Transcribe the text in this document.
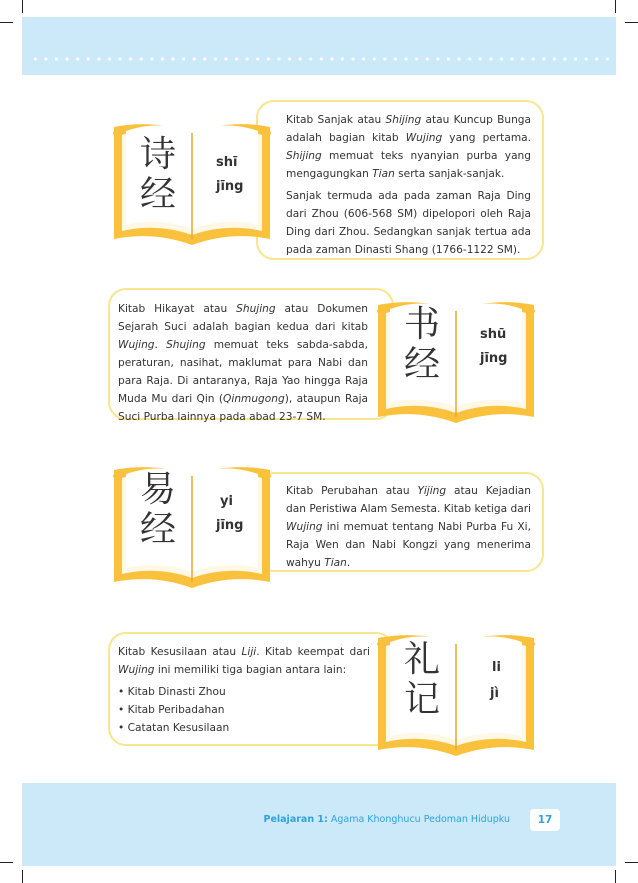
Kitab Sanjak atau Shijing atau Kuncup Bunga adalah bagian kitab Wujing yang pertama. Shijing memuat teks nyanyian purba yang mengagungkan Tian serta sanjak-sanjak.

Sanjak termuda ada pada zaman Raja Ding dari Zhou (606-568 SM) dipelopori oleh Raja Ding dari Zhou. Sedangkan sanjak tertua ada pada zaman Dinasti Shang (1766-1122 SM).

诗
经
shī
jīng

Kitab Hikayat atau Shujing atau Dokumen Sejarah Suci adalah bagian kedua dari kitab Wujing. Shujing memuat teks sabda-sabda, peraturan, nasihat, maklumat para Nabi dan para Raja. Di antaranya, Raja Yao hingga Raja Muda Mu dari Qin (Qinmugong), ataupun Raja Suci Purba lainnya pada abad 23-7 SM.

书
经
shū
jīng

Kitab Perubahan atau Yijing atau Kejadian dan Peristiwa Alam Semesta. Kitab ketiga dari Wujing ini memuat tentang Nabi Purba Fu Xi, Raja Wen dan Nabi Kongzi yang menerima wahyu Tian.

易
经
yi
jīng

Kitab Kesusilaan atau Liji. Kitab keempat dari Wujing ini memiliki tiga bagian antara lain:

• Kitab Dinasti Zhou

• Kitab Peribadahan

• Catatan Kesusilaan

礼
记
li
jì
Pelajaran 1: Agama Khonghucu Pedoman Hidupku	17
